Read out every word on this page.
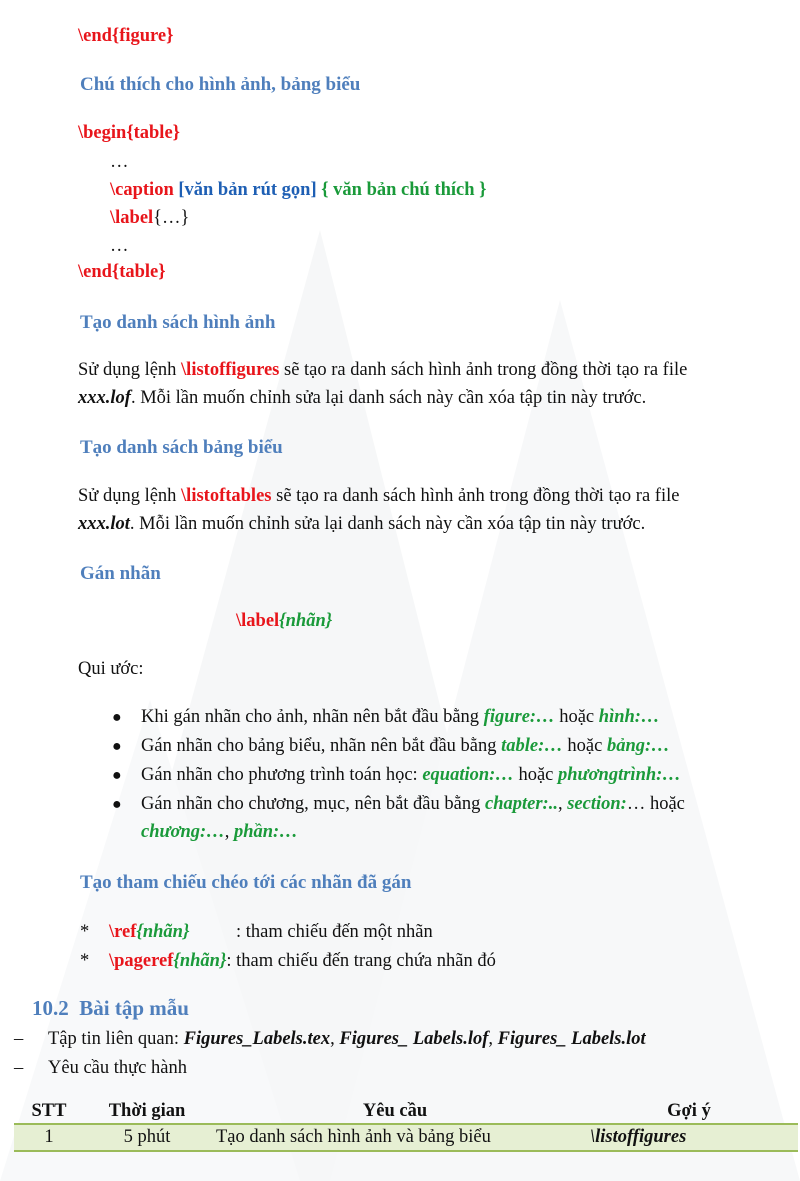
\end{figure}
Chú thích cho hình ảnh, bảng biểu
\begin{table}
…
\caption [văn bản rút gọn] { văn bản chú thích }
\label{…}
…
\end{table}
Tạo danh sách hình ảnh
Sử dụng lệnh \listoffigures sẽ tạo ra danh sách hình ảnh trong đồng thời tạo ra file
xxx.lof. Mỗi lần muốn chỉnh sửa lại danh sách này cần xóa tập tin này trước.
Tạo danh sách bảng biểu
Sử dụng lệnh \listoftables sẽ tạo ra danh sách hình ảnh trong đồng thời tạo ra file
xxx.lot. Mỗi lần muốn chỉnh sửa lại danh sách này cần xóa tập tin này trước.
Gán nhãn
\label{nhãn}
Qui ước:
● Khi gán nhãn cho ảnh, nhãn nên bắt đầu bằng figure:… hoặc hình:…
● Gán nhãn cho bảng biểu, nhãn nên bắt đầu bằng table:… hoặc bảng:…
● Gán nhãn cho phương trình toán học: equation:… hoặc phươngtrình:…
● Gán nhãn cho chương, mục, nên bắt đầu bằng chapter:.., section:… hoặc
chương:…, phần:…
Tạo tham chiếu chéo tới các nhãn đã gán
* \ref{nhãn}	: tham chiếu đến một nhãn
* \pageref{nhãn}: tham chiếu đến trang chứa nhãn đó
10.2 Bài tập mẫu
– Tập tin liên quan: Figures_Labels.tex, Figures_ Labels.lof, Figures_ Labels.lot
– Yêu cầu thực hành
STT	Thời gian	Yêu cầu	Gợi ý
1	5 phút	Tạo danh sách hình ảnh và bảng biểu	\listoffigures
